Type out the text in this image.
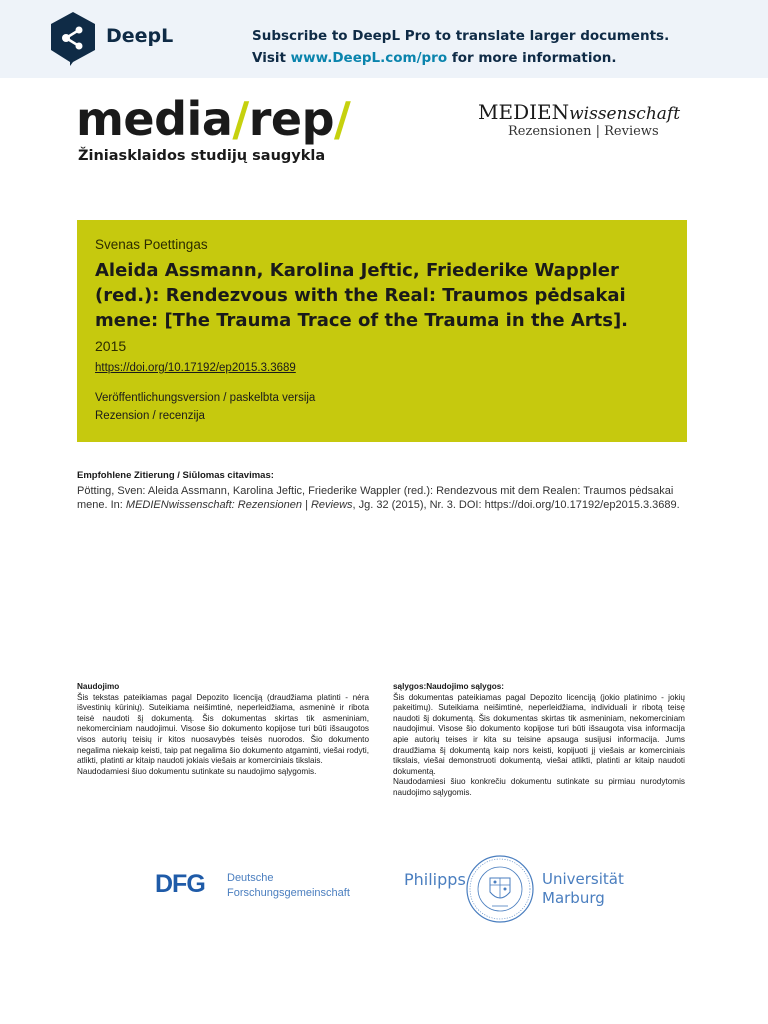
DeepL	Subscribe to DeepL Pro to translate larger documents.
Visit www.DeepL.com/pro for more information.
media/rep/
Žiniasklaidos studijų saugykla
MEDIENwissenschaft
Rezensionen | Reviews
Svenas Poettingas
Aleida Assmann, Karolina Jeftic, Friederike Wappler (red.): Rendezvous with the Real: Traumos pėdsakai mene: [The Trauma Trace of the Trauma in the Arts].
2015
https://doi.org/10.17192/ep2015.3.3689
Veröffentlichungsversion / paskelbta versija
Rezension / recenzija
Empfohlene Zitierung / Siūlomas citavimas:
Pötting, Sven: Aleida Assmann, Karolina Jeftic, Friederike Wappler (red.): Rendezvous mit dem Realen: Traumos pėdsakai mene. In: MEDIENwissenschaft: Rezensionen | Reviews, Jg. 32 (2015), Nr. 3. DOI: https://doi.org/10.17192/ep2015.3.3689.

Naudojimo

Šis tekstas pateikiamas pagal Depozito licenciją (draudžiama platinti - nėra išvestinių kūrinių). Suteikiama neišimtinė, neperleidžiama, asmeninė ir ribota teisė naudoti šį dokumentą. Šis dokumentas skirtas tik asmeniniam, nekomerciniam naudojimui. Visose šio dokumento kopijose turi būti išsaugotos visos autorių teisių ir kitos nuosavybės teisės nuorodos. Šio dokumento negalima niekaip keisti, taip pat negalima šio dokumento atgaminti, viešai rodyti, atlikti, platinti ar kitaip naudoti jokiais viešais ar komerciniais tikslais.

Naudodamiesi šiuo dokumentu sutinkate su naudojimo sąlygomis.

sąlygos:Naudojimo sąlygos:

Šis dokumentas pateikiamas pagal Depozito licenciją (jokio platinimo - jokių pakeitimų). Suteikiama neišimtinė, neperleidžiama, individuali ir ribotą teisę naudoti šį dokumentą. Šis dokumentas skirtas tik asmeniniam, nekomerciniam naudojimui. Visose šio dokumento kopijose turi būti išsaugota visa informacija apie autorių teises ir kita su teisine apsauga susijusi informacija. Jums draudžiama šį dokumentą kaip nors keisti, kopijuoti jį viešais ar komerciniais tikslais, viešai demonstruoti dokumentą, viešai atlikti, platinti ar kitaip naudoti dokumentą.

Naudodamiesi šiuo konkrečiu dokumentu sutinkate su pirmiau nurodytomis naudojimo sąlygomis.

DFG Deutsche
Forschungsgemeinschaft
Philipps	Universität
Marburg
